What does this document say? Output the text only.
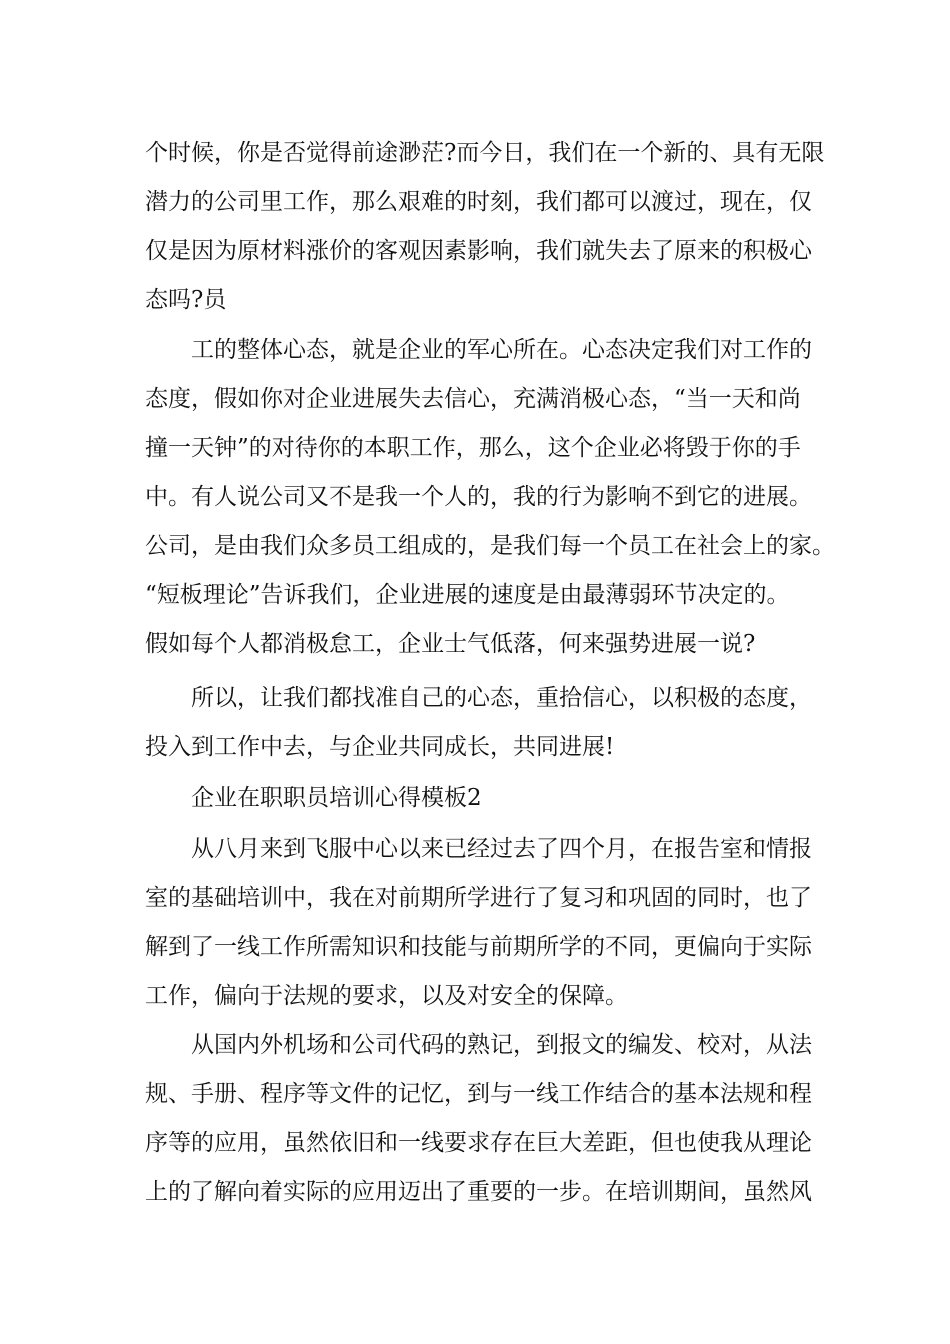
个时候，你是否觉得前途渺茫?而今日，我们在一个新的、具有无限
潜力的公司里工作，那么艰难的时刻，我们都可以渡过，现在，仅
仅是因为原材料涨价的客观因素影响，我们就失去了原来的积极心
态吗?员
工的整体心态，就是企业的军心所在。心态决定我们对工作的
态度，假如你对企业进展失去信心，充满消极心态，“当一天和尚
撞一天钟”的对待你的本职工作，那么，这个企业必将毁于你的手
中。有人说公司又不是我一个人的，我的行为影响不到它的进展。
公司，是由我们众多员工组成的，是我们每一个员工在社会上的家。
“短板理论”告诉我们，企业进展的速度是由最薄弱环节决定的。
假如每个人都消极怠工，企业士气低落，何来强势进展一说?
所以，让我们都找准自己的心态，重拾信心，以积极的态度，
投入到工作中去，与企业共同成长，共同进展!
企业在职职员培训心得模板2
从八月来到飞服中心以来已经过去了四个月，在报告室和情报
室的基础培训中，我在对前期所学进行了复习和巩固的同时，也了
解到了一线工作所需知识和技能与前期所学的不同，更偏向于实际
工作，偏向于法规的要求，以及对安全的保障。
从国内外机场和公司代码的熟记，到报文的编发、校对，从法
规、手册、程序等文件的记忆，到与一线工作结合的基本法规和程
序等的应用，虽然依旧和一线要求存在巨大差距，但也使我从理论
上的了解向着实际的应用迈出了重要的一步。在培训期间，虽然风
